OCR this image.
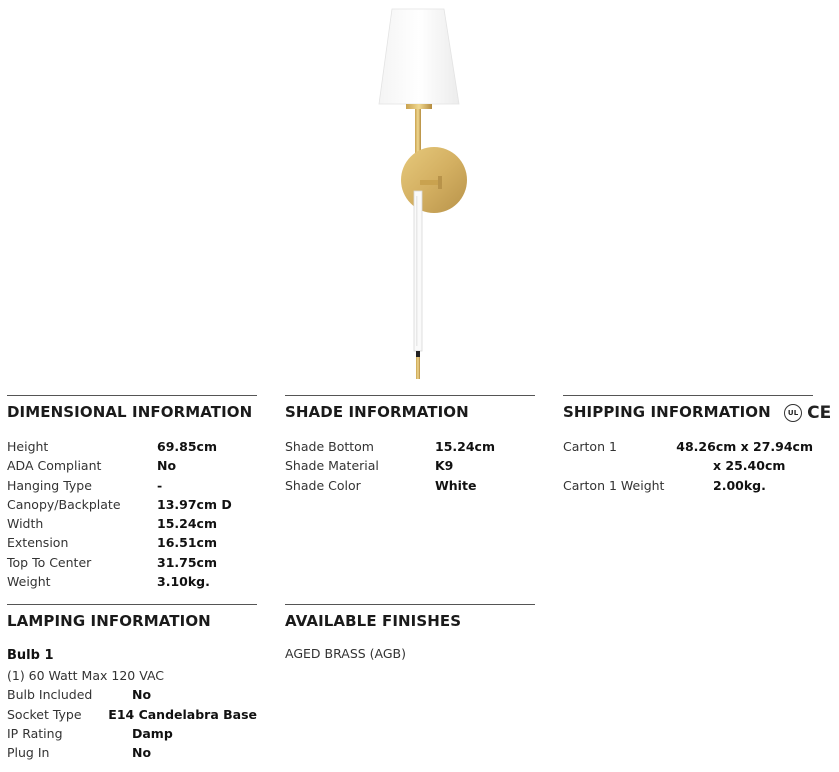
DIMENSIONAL INFORMATION
Height	69.85cm
ADA Compliant	No
Hanging Type	-
Canopy/Backplate	13.97cm D
Width	15.24cm
Extension	16.51cm
Top To Center	31.75cm
Weight	3.10kg.
SHADE INFORMATION
Shade Bottom	15.24cm
Shade Material	K9
Shade Color	White
SHIPPING INFORMATION UL CE
Carton 1	48.26cm x 27.94cm
x 25.40cm
Carton 1 Weight	2.00kg.
LAMPING INFORMATION
Bulb 1
(1) 60 Watt Max 120 VAC
Bulb Included	No
Socket Type	E14 Candelabra Base
IP Rating	Damp
Plug In	No
AVAILABLE FINISHES
AGED BRASS (AGB)
